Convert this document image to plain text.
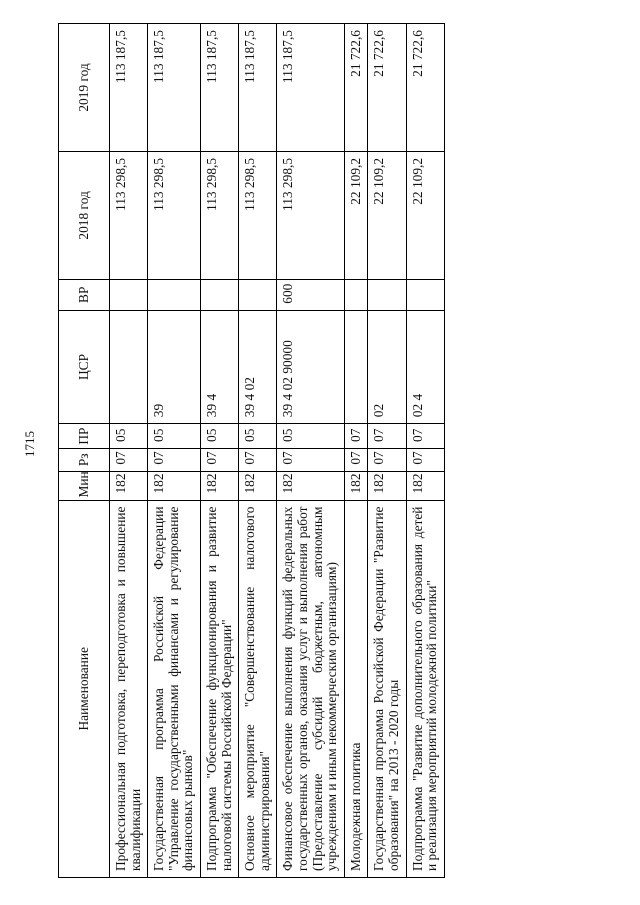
1715
Наименование	Мин	Рз	ПР	ЦСР	ВР	2018 год	2019 год
Профессиональная подготовка, переподготовка и повышение квалификации	182	07	05			113 298,5	113 187,5
Государственная программа Российской Федерации "Управление государственными финансами и регулирование финансовых рынков"	182	07	05	39		113 298,5	113 187,5
Подпрограмма "Обеспечение функционирования и развитие налоговой системы Российской Федерации"	182	07	05	39 4		113 298,5	113 187,5
Основное мероприятие "Совершенствование налогового администрирования"	182	07	05	39 4 02		113 298,5	113 187,5
Финансовое обеспечение выполнения функций федеральных государственных органов, оказания услуг и выполнения работ (Предоставление субсидий бюджетным, автономным учреждениям и иным некоммерческим организациям)	182	07	05	39 4 02 90000	600	113 298,5	113 187,5
Молодежная политика	182	07	07			22 109,2	21 722,6
Государственная программа Российской Федерации "Развитие образования" на 2013 - 2020 годы	182	07	07	02		22 109,2	21 722,6
Подпрограмма "Развитие дополнительного образования детей и реализация мероприятий молодежной политики"	182	07	07	02 4		22 109,2	21 722,6
